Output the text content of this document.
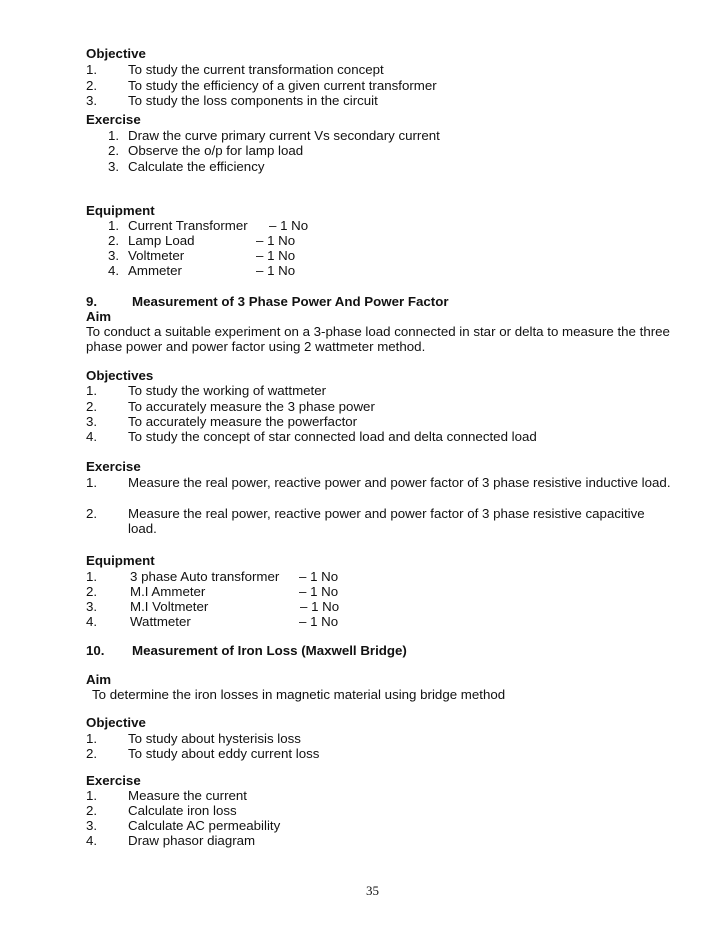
Objective
1. To study the current transformation concept
2. To study the efficiency of a given current transformer
3. To study the loss components in the circuit
Exercise
1. Draw the curve primary current Vs secondary current
2. Observe the o/p for lamp load
3. Calculate the efficiency
Equipment
1. Current Transformer – 1 No
2. Lamp Load	– 1 No
3. Voltmeter	– 1 No
4. Ammeter	– 1 No
9.	Measurement of 3 Phase Power And Power Factor
Aim
To conduct a suitable experiment on a 3-phase load connected in star or delta to measure the three
phase power and power factor using 2 wattmeter method.
Objectives
1. To study the working of wattmeter
2. To accurately measure the 3 phase power
3. To accurately measure the powerfactor
4. To study the concept of star connected load and delta connected load
Exercise
1. Measure the real power, reactive power and power factor of 3 phase resistive inductive load.
2. Measure the real power, reactive power and power factor of 3 phase resistive capacitive
load.
Equipment
1. 3 phase Auto transformer – 1 No
2. M.I Ammeter	– 1 No
3. M.I Voltmeter	– 1 No
4. Wattmeter	– 1 No
10. Measurement of Iron Loss (Maxwell Bridge)
Aim
To determine the iron losses in magnetic material using bridge method
Objective
1. To study about hysterisis loss
2. To study about eddy current loss
Exercise
1. Measure the current
2. Calculate iron loss
3. Calculate AC permeability
4. Draw phasor diagram
35
